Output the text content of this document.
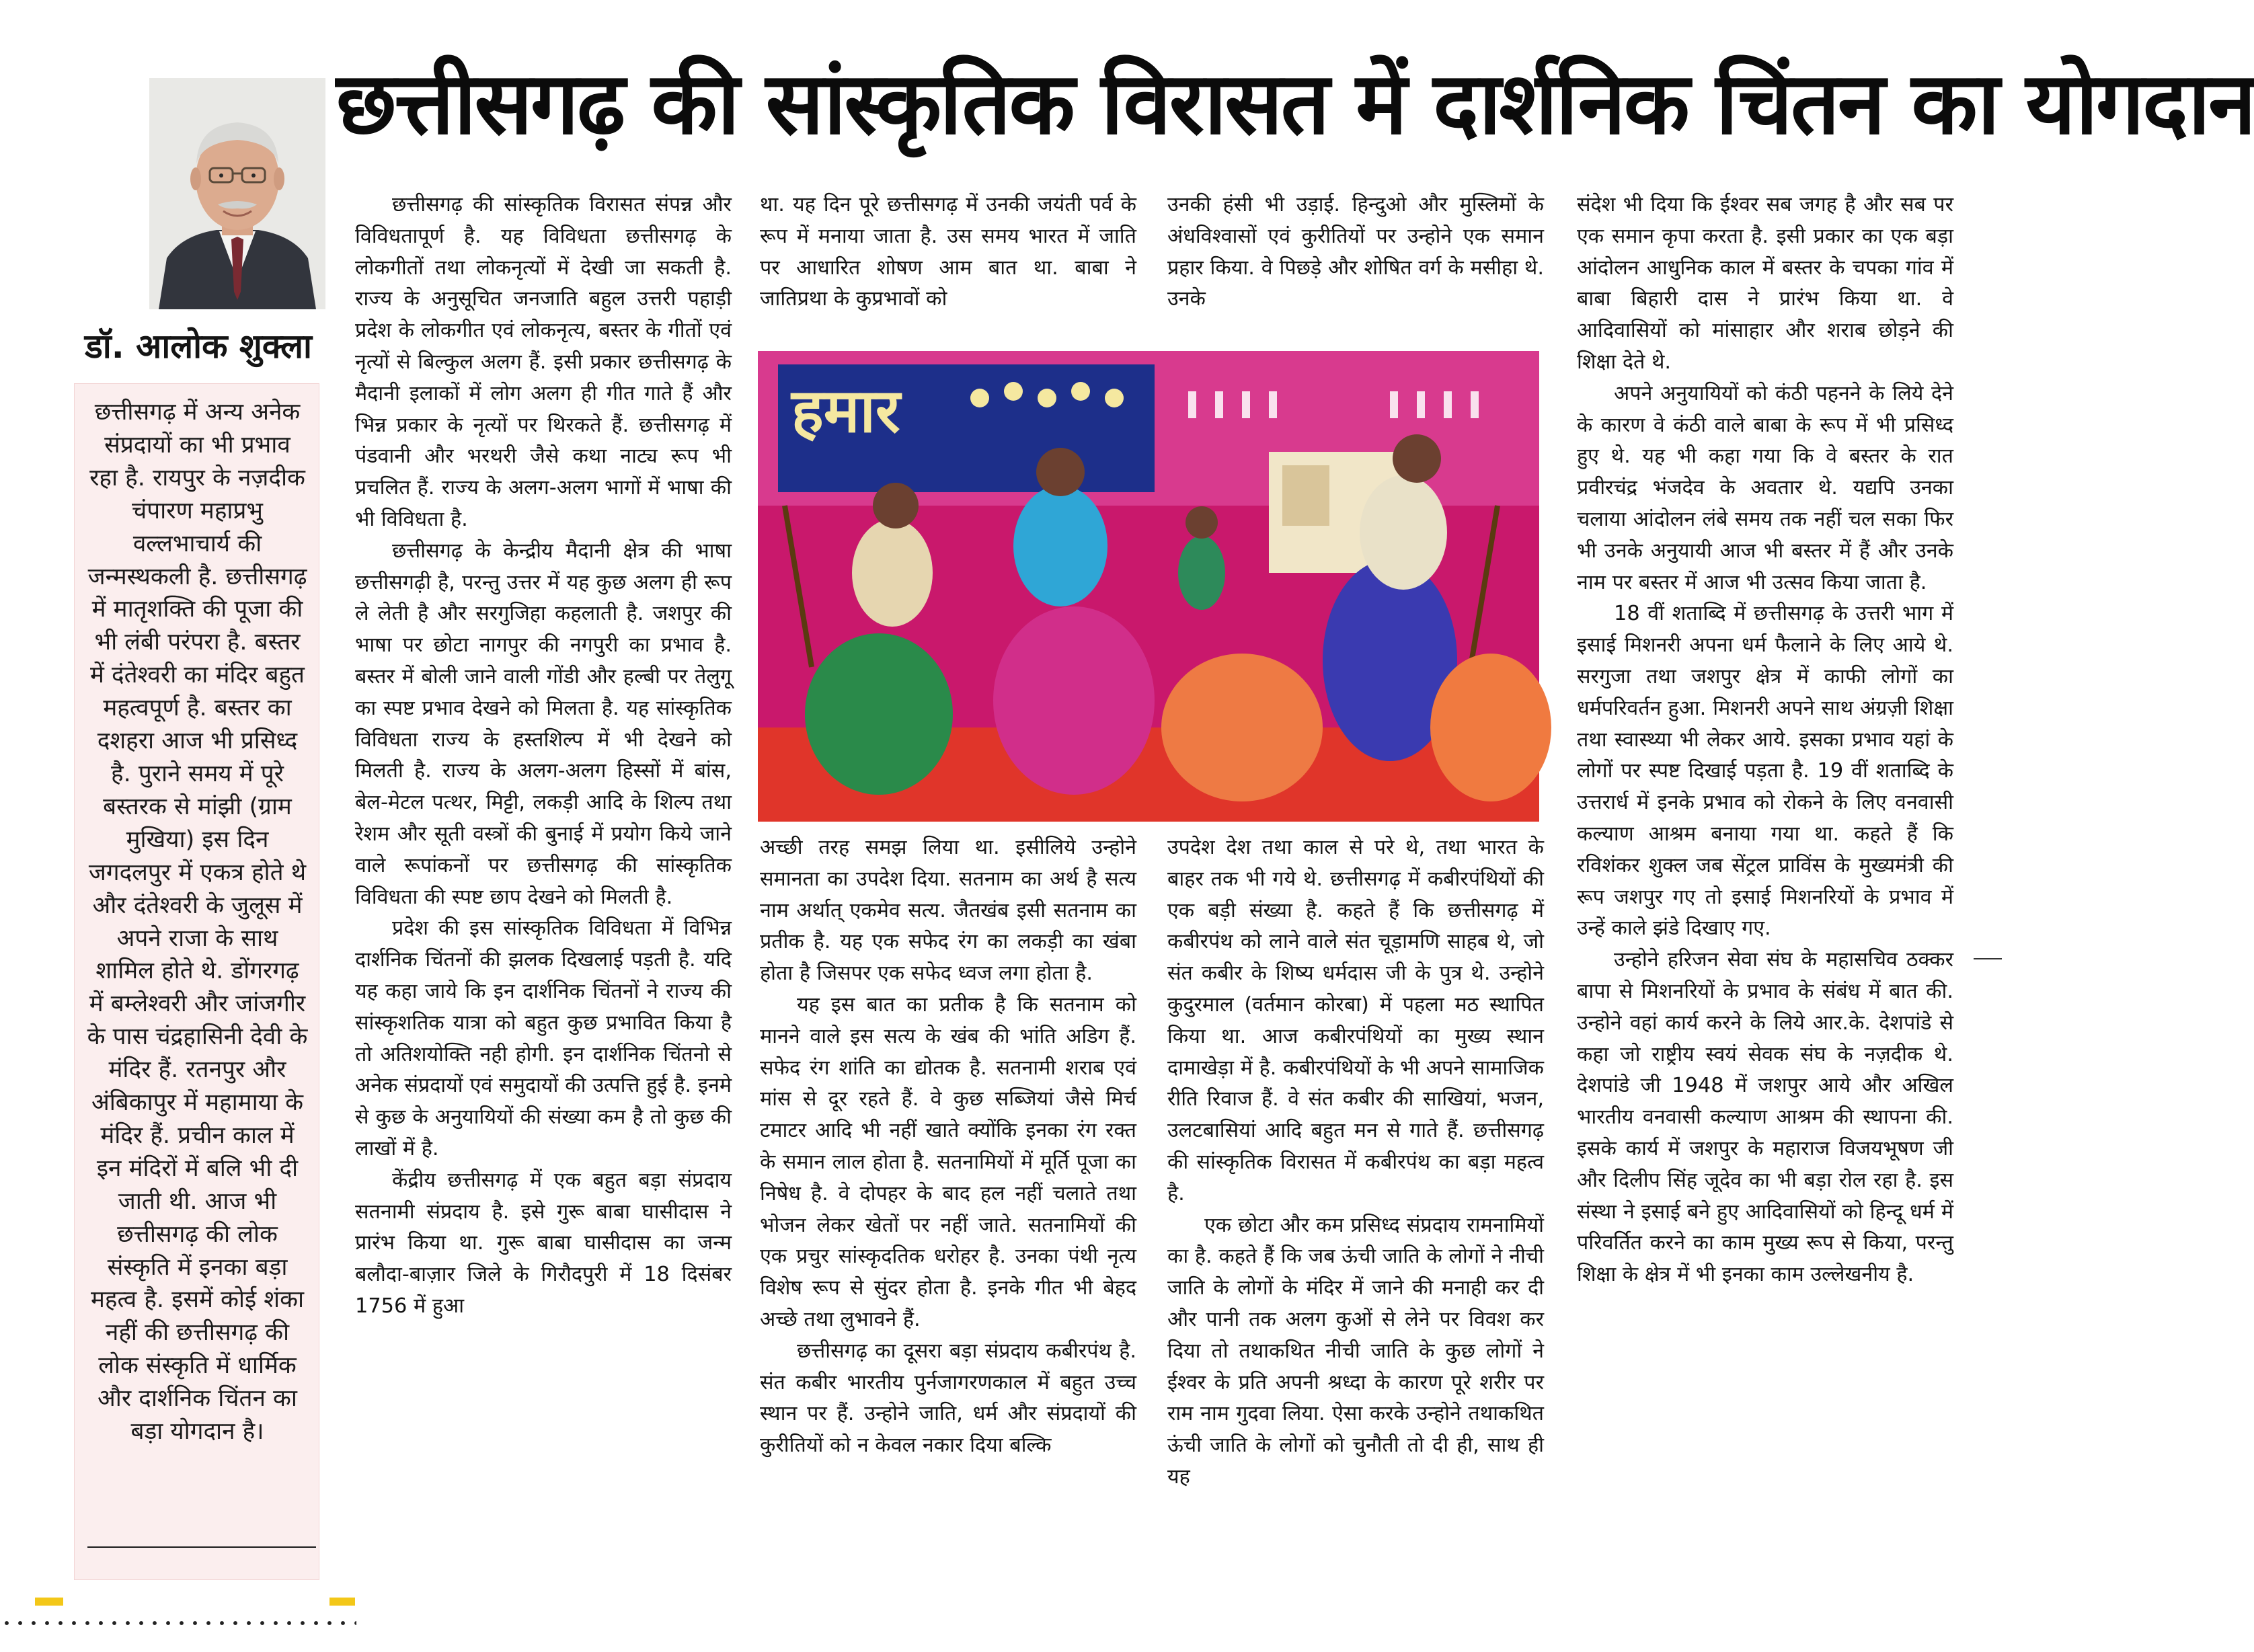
छत्तीसगढ़ की सांस्कृतिक विरासत में दार्शनिक चिंतन का योगदान
डॉ. आलोक शुक्ला

छत्तीसगढ़ में अन्य अनेक संप्रदायों का भी प्रभाव रहा है. रायपुर के नज़दीक चंपारण महाप्रभु वल्लभाचार्य की जन्मस्थकली है. छत्तीसगढ़ में मातृशक्ति की पूजा की भी लंबी परंपरा है. बस्तर में दंतेश्वरी का मंदिर बहुत महत्वपूर्ण है. बस्तर का दशहरा आज भी प्रसिध्द है. पुराने समय में पूरे बस्तरक से मांझी (ग्राम मुखिया) इस दिन जगदलपुर में एकत्र होते थे और दंतेश्वरी के जुलूस में अपने राजा के साथ शामिल होते थे. डोंगरगढ़ में बम्लेश्वरी और जांजगीर के पास चंद्रहासिनी देवी के मंदिर हैं. रतनपुर और अंबिकापुर में महामाया के मंदिर हैं. प्रचीन काल में इन मंदिरों में बलि भी दी जाती थी. आज भी छत्तीसगढ़ की लोक संस्कृति में इनका बड़ा महत्व है. इसमें कोई शंका नहीं की छत्तीसगढ़ की लोक संस्कृति में धार्मिक और दार्शनिक चिंतन का बड़ा योगदान है।

छत्तीसगढ़ की सांस्कृतिक विरासत संपन्न और विविधतापूर्ण है. यह विविधता छत्तीसगढ़ के लोकगीतों तथा लोकनृत्यों में देखी जा सकती है. राज्य के अनुसूचित जनजाति बहुल उत्तरी पहाड़ी प्रदेश के लोकगीत एवं लोकनृत्य, बस्तर के गीतों एवं नृत्यों से बिल्कुल अलग हैं. इसी प्रकार छत्तीसगढ़ के मैदानी इलाकों में लोग अलग ही गीत गाते हैं और भिन्न प्रकार के नृत्यों पर थिरकते हैं. छत्तीसगढ़ में पंडवानी और भरथरी जैसे कथा नाट्य रूप भी प्रचलित हैं. राज्य के अलग-अलग भागों में भाषा की भी विविधता है.

छत्तीसगढ़ के केन्द्रीय मैदानी क्षेत्र की भाषा छत्तीसगढ़ी है, परन्तु उत्तर में यह कुछ अलग ही रूप ले लेती है और सरगुजिहा कहलाती है. जशपुर की भाषा पर छोटा नागपुर की नगपुरी का प्रभाव है. बस्तर में बोली जाने वाली गोंडी और हल्बी पर तेलुगू का स्पष्ट प्रभाव देखने को मिलता है. यह सांस्कृतिक विविधता राज्य के हस्तशिल्प में भी देखने को मिलती है. राज्य के अलग-अलग हिस्सों में बांस, बेल-मेटल पत्थर, मिट्टी, लकड़ी आदि के शिल्प तथा रेशम और सूती वस्त्रों की बुनाई में प्रयोग किये जाने वाले रूपांकनों पर छत्तीसगढ़ की सांस्कृतिक विविधता की स्पष्ट छाप देखने को मिलती है.

प्रदेश की इस सांस्कृतिक विविधता में विभिन्न दार्शनिक चिंतनों की झलक दिखलाई पड़ती है. यदि यह कहा जाये कि इन दार्शनिक चिंतनों ने राज्य की सांस्कृशतिक यात्रा को बहुत कुछ प्रभावित किया है तो अतिशयोक्ति नही होगी. इन दार्शनिक चिंतनो से अनेक संप्रदायों एवं समुदायों की उत्पत्ति हुई है. इनमे से कुछ के अनुयायियों की संख्या कम है तो कुछ की लाखों में है.

केंद्रीय छत्तीसगढ़ में एक बहुत बड़ा संप्रदाय सतनामी संप्रदाय है. इसे गुरू बाबा घासीदास ने प्रारंभ किया था. गुरू बाबा घासीदास का जन्म बलौदा-बाज़ार जिले के गिरौदपुरी में 18 दिसंबर 1756 में हुआ

था. यह दिन पूरे छत्तीसगढ़ में उनकी जयंती पर्व के रूप में मनाया जाता है. उस समय भारत में जाति पर आधारित शोषण आम बात था. बाबा ने जातिप्रथा के कुप्रभावों को

उनकी हंसी भी उड़ाई. हिन्दुओ और मुस्लिमों के अंधविश्वासों एवं कुरीतियों पर उन्होने एक समान प्रहार किया. वे पिछड़े और शोषित वर्ग के मसीहा थे. उनके

हमार

अच्छी तरह समझ लिया था. इसीलिये उन्होने समानता का उपदेश दिया. सतनाम का अर्थ है सत्य नाम अर्थात् एकमेव सत्य. जैतखंब इसी सतनाम का प्रतीक है. यह एक सफेद रंग का लकड़ी का खंबा होता है जिसपर एक सफेद ध्वज लगा होता है.

यह इस बात का प्रतीक है कि सतनाम को मानने वाले इस सत्य के खंब की भांति अडिग हैं. सफेद रंग शांति का द्योतक है. सतनामी शराब एवं मांस से दूर रहते हैं. वे कुछ सब्जियां जैसे मिर्च टमाटर आदि भी नहीं खाते क्योंकि इनका रंग रक्त के समान लाल होता है. सतनामियों में मूर्ति पूजा का निषेध है. वे दोपहर के बाद हल नहीं चलाते तथा भोजन लेकर खेतों पर नहीं जाते. सतनामियों की एक प्रचुर सांस्कृदतिक धरोहर है. उनका पंथी नृत्य विशेष रूप से सुंदर होता है. इनके गीत भी बेहद अच्छे तथा लुभावने हैं.

छत्तीसगढ़ का दूसरा बड़ा संप्रदाय कबीरपंथ है. संत कबीर भारतीय पुर्नजागरणकाल में बहुत उच्च स्थान पर हैं. उन्होने जाति, धर्म और संप्रदायों की कुरीतियों को न केवल नकार दिया बल्कि

उपदेश देश तथा काल से परे थे, तथा भारत के बाहर तक भी गये थे. छत्तीसगढ़ में कबीरपंथियों की एक बड़ी संख्या है. कहते हैं कि छत्तीसगढ़ में कबीरपंथ को लाने वाले संत चूड़ामणि साहब थे, जो संत कबीर के शिष्य धर्मदास जी के पुत्र थे. उन्होने कुदुरमाल (वर्तमान कोरबा) में पहला मठ स्थापित किया था. आज कबीरपंथियों का मुख्य स्थान दामाखेड़ा में है. कबीरपंथियों के भी अपने सामाजिक रीति रिवाज हैं. वे संत कबीर की साखियां, भजन, उलटबासियां आदि बहुत मन से गाते हैं. छत्तीसगढ़ की सांस्कृतिक विरासत में कबीरपंथ का बड़ा महत्व है.

एक छोटा और कम प्रसिध्द संप्रदाय रामनामियों का है. कहते हैं कि जब ऊंची जाति के लोगों ने नीची जाति के लोगों के मंदिर में जाने की मनाही कर दी और पानी तक अलग कुओं से लेने पर विवश कर दिया तो तथाकथित नीची जाति के कुछ लोगों ने ईश्वर के प्रति अपनी श्रध्दा के कारण पूरे शरीर पर राम नाम गुदवा लिया. ऐसा करके उन्होने तथाकथित ऊंची जाति के लोगों को चुनौती तो दी ही, साथ ही यह

संदेश भी दिया कि ईश्वर सब जगह है और सब पर एक समान कृपा करता है. इसी प्रकार का एक बड़ा आंदोलन आधुनिक काल में बस्तर के चपका गांव में बाबा बिहारी दास ने प्रारंभ किया था. वे आदिवासियों को मांसाहार और शराब छोड़ने की शिक्षा देते थे.

अपने अनुयायियों को कंठी पहनने के लिये देने के कारण वे कंठी वाले बाबा के रूप में भी प्रसिध्द हुए थे. यह भी कहा गया कि वे बस्तर के रात प्रवीरचंद्र भंजदेव के अवतार थे. यद्यपि उनका चलाया आंदोलन लंबे समय तक नहीं चल सका फिर भी उनके अनुयायी आज भी बस्तर में हैं और उनके नाम पर बस्तर में आज भी उत्सव किया जाता है.

18 वीं शताब्दि में छत्तीसगढ़ के उत्तरी भाग में इसाई मिशनरी अपना धर्म फैलाने के लिए आये थे. सरगुजा तथा जशपुर क्षेत्र में काफी लोगों का धर्मपरिवर्तन हुआ. मिशनरी अपने साथ अंग्रज़ी शिक्षा तथा स्वास्थ्या भी लेकर आये. इसका प्रभाव यहां के लोगों पर स्पष्ट दिखाई पड़ता है. 19 वीं शताब्दि के उत्तरार्ध में इनके प्रभाव को रोकने के लिए वनवासी कल्याण आश्रम बनाया गया था. कहते हैं कि रविशंकर शुक्ल जब सेंट्रल प्राविंस के मुख्यमंत्री की रूप जशपुर गए तो इसाई मिशनरियों के प्रभाव में उन्हें काले झंडे दिखाए गए.

उन्होने हरिजन सेवा संघ के महासचिव ठक्कर बापा से मिशनरियों के प्रभाव के संबंध में बात की. उन्होने वहां कार्य करने के लिये आर.के. देशपांडे से कहा जो राष्ट्रीय स्वयं सेवक संघ के नज़दीक थे. देशपांडे जी 1948 में जशपुर आये और अखिल भारतीय वनवासी कल्याण आश्रम की स्थापना की. इसके कार्य में जशपुर के महाराज विजयभूषण जी और दिलीप सिंह जूदेव का भी बड़ा रोल रहा है. इस संस्था ने इसाई बने हुए आदिवासियों को हिन्दू धर्म में परिवर्तित करने का काम मुख्य रूप से किया, परन्तु शिक्षा के क्षेत्र में भी इनका काम उल्लेखनीय है.
